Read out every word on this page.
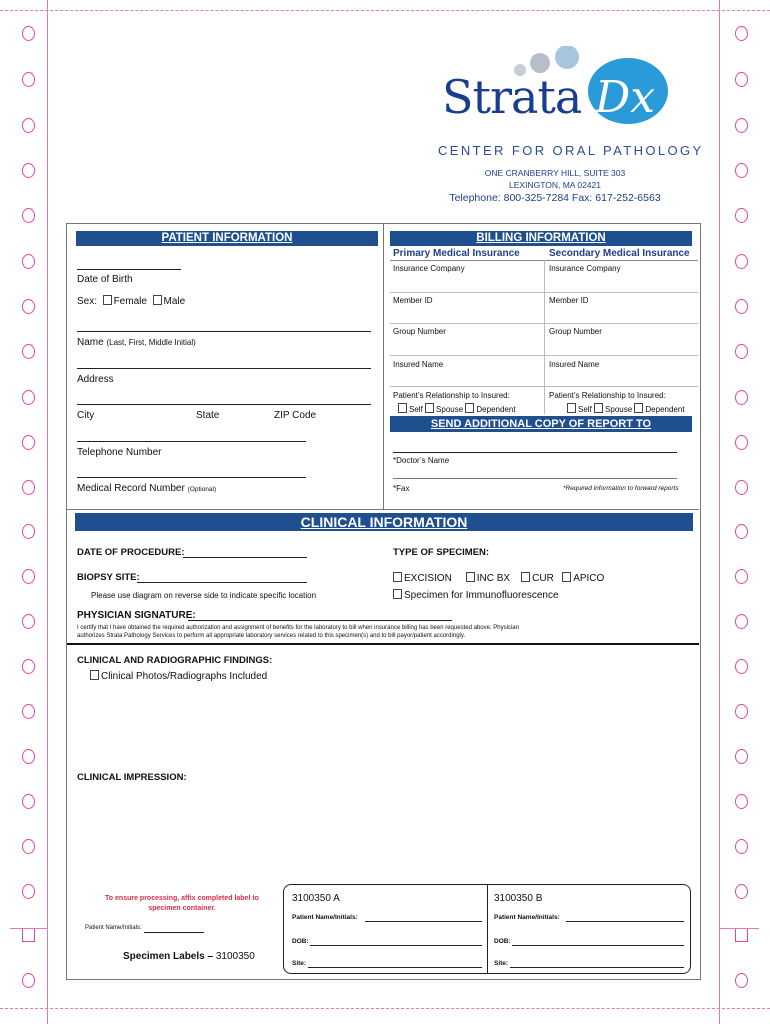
Strata Dx
CENTER FOR ORAL PATHOLOGY
ONE CRANBERRY HILL, SUITE 303
LEXINGTON, MA 02421
Telephone: 800-325-7284 Fax: 617-252-6563
PATIENT INFORMATION
Date of Birth
Sex: Female Male
Name (Last, First, Middle Initial)
Address
City	State	ZIP Code
Telephone Number
Medical Record Number (Optional)
BILLING INFORMATION
Primary Medical Insurance	Secondary Medical Insurance
Insurance Company	Insurance Company
Member ID	Member ID
Group Number	Group Number
Insured Name	Insured Name
Patient’s Relationship to Insured:	Patient’s Relationship to Insured:
Self Spouse Dependent	Self Spouse Dependent
SEND ADDITIONAL COPY OF REPORT TO
*Doctor’s Name
*Fax	*Required information to forward reports
CLINICAL INFORMATION
DATE OF PROCEDURE:	TYPE OF SPECIMEN:
BIOPSY SITE:
Please use diagram on reverse side to indicate specific location
EXCISION INC BX CUR APICO
Specimen for Immunofluorescence
PHYSICIAN SIGNATURE:
I certify that I have obtained the required authorization and assignment of benefits for the laboratory to bill when insurance billing has been requested above. Physician
authorizes Strata Pathology Services to perform all appropriate laboratory services related to this specimen(s) and to bill payor/patient accordingly.
CLINICAL AND RADIOGRAPHIC FINDINGS:
Clinical Photos/Radiographs Included
CLINICAL IMPRESSION:
To ensure processing, affix completed label to
specimen container.
Patient Name/Initials:
Specimen Labels – 3100350
3100350 A
Patient Name/Initials:
DOB:
Site:
3100350 B
Patient Name/Initials:
DOB:
Site:
